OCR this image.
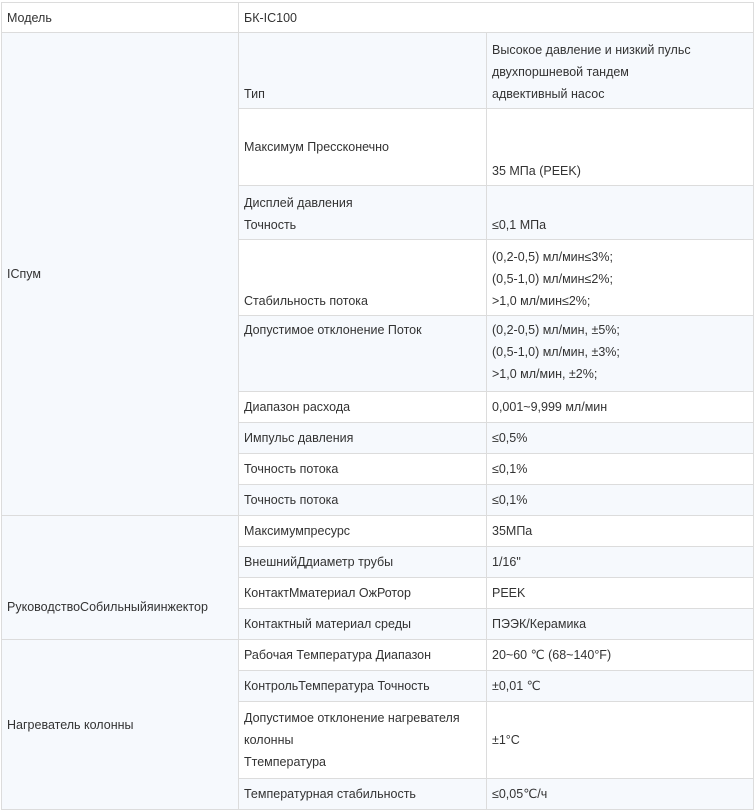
Модель	БК-IC100	
ICпум	Тип	Высокое давление и низкий пульс
двухпоршневой тандем
адвективный насос

	Максимум Пресcконечно	35 МПа (PEEK)

	Дисплей давления
Точность	≤0,1 МПа

	Стабильность потока	(0,2-0,5) мл/мин≤3%;
(0,5-1,0) мл/мин≤2%;
>1,0 мл/мин≤2%;

	Допустимое отклонение Поток	(0,2-0,5) мл/мин, ±5%;
(0,5-1,0) мл/мин, ±3%;
>1,0 мл/мин, ±2%;

	Диапазон расхода	0,001~9,999 мл/мин

	Импульс давления	≤0,5%

	Точность потока	≤0,1%

	Точность потока	≤0,1%

РуководствоСобильныйяинжектор	Максимумпресурс	35МПа

	ВнешнийДдиаметр трубы	1/16"

	КонтактМматериал ОжРотор	PEEK

	Контактный материал среды	ПЭЭК/Керамика

Нагреватель колонны	Рабочая Температура Диапазон	20~60 ℃ (68~140°F)

	КонтрольТемпература Точность	±0,01 ℃

	Допустимое отклонение нагревателя
колонны
Ттемпература	±1°C

	Температурная стабильность	≤0,05℃/ч
